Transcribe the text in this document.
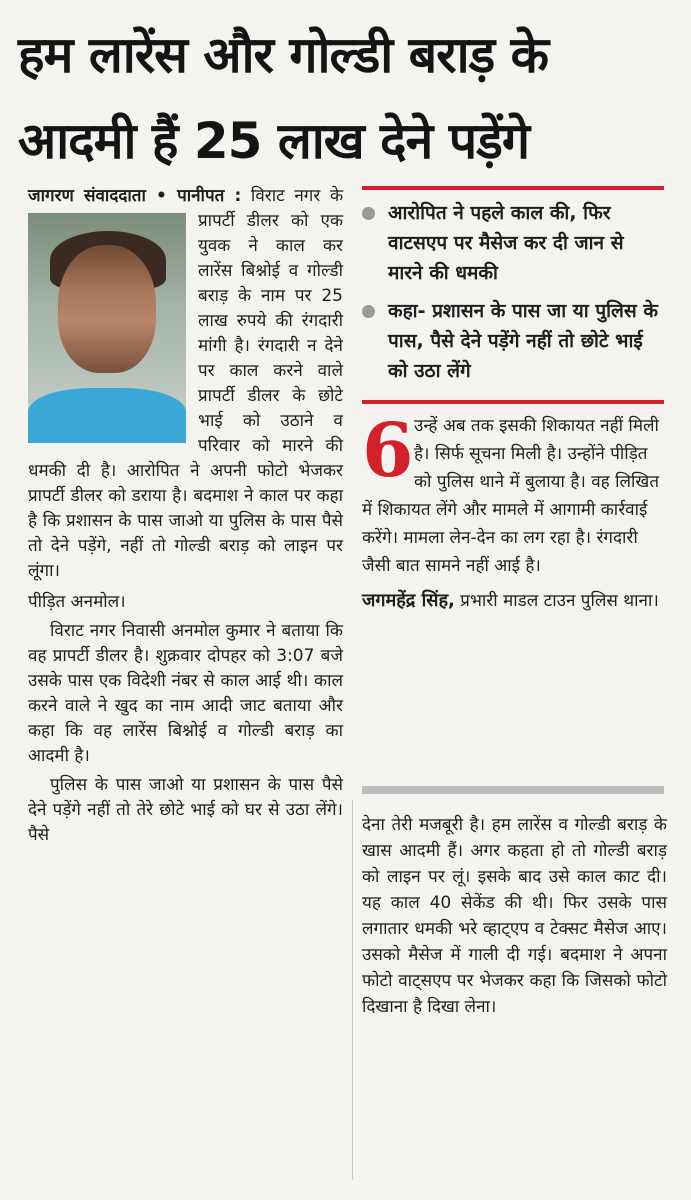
हम लारेंस और गोल्डी बराड़ के
आदमी हैं 25 लाख देने पड़ेंगे

जागरण संवाददाता • पानीपत : विराट नगर के प्रापर्टी डीलर को एक युवक ने काल कर लारेंस बिश्नोई व गोल्डी बराड़ के नाम पर 25 लाख रुपये की रंगदारी मांगी है। रंगदारी न देने पर काल करने वाले प्रापर्टी डीलर के छोटे भाई को उठाने व परिवार को मारने की धमकी दी है। आरोपित ने अपनी फोटो भेजकर प्रापर्टी डीलर को डराया है। बदमाश ने काल पर कहा है कि प्रशासन के पास जाओ या पुलिस के पास पैसे तो देने पड़ेंगे, नहीं तो गोल्डी बराड़ को लाइन पर लूंगा।

पीड़ित अनमोल।

विराट नगर निवासी अनमोल कुमार ने बताया कि वह प्रापर्टी डीलर है। शुक्रवार दोपहर को 3:07 बजे उसके पास एक विदेशी नंबर से काल आई थी। काल करने वाले ने खुद का नाम आदी जाट बताया और कहा कि वह लारेंस बिश्नोई व गोल्डी बराड़ का आदमी है।

पुलिस के पास जाओ या प्रशासन के पास पैसे देने पड़ेंगे नहीं तो तेरे छोटे भाई को घर से उठा लेंगे। पैसे

आरोपित ने पहले काल की, फिर वाटसएप पर मैसेज कर दी जान से मारने की धमकी
कहा- प्रशासन के पास जा या पुलिस के पास, पैसे देने पड़ेंगे नहीं तो छोटे भाई को उठा लेंगे
6 उन्हें अब तक इसकी शिकायत नहीं मिली है। सिर्फ सूचना मिली है। उन्होंने पीड़ित को पुलिस थाने में बुलाया है। वह लिखित में शिकायत लेंगे और मामले में आगामी कार्रवाई करेंगे। मामला लेन-देन का लग रहा है। रंगदारी जैसी बात सामने नहीं आई है।
जगमहेंद्र सिंह, प्रभारी माडल टाउन पुलिस थाना।
देना तेरी मजबूरी है। हम लारेंस व गोल्डी बराड़ के खास आदमी हैं। अगर कहता हो तो गोल्डी बराड़ को लाइन पर लूं। इसके बाद उसे काल काट दी। यह काल 40 सेकेंड की थी। फिर उसके पास लगातार धमकी भरे व्हाट्एप व टेक्सट मैसेज आए। उसको मैसेज में गाली दी गई। बदमाश ने अपना फोटो वाट्सएप पर भेजकर कहा कि जिसको फोटो दिखाना है दिखा लेना।
